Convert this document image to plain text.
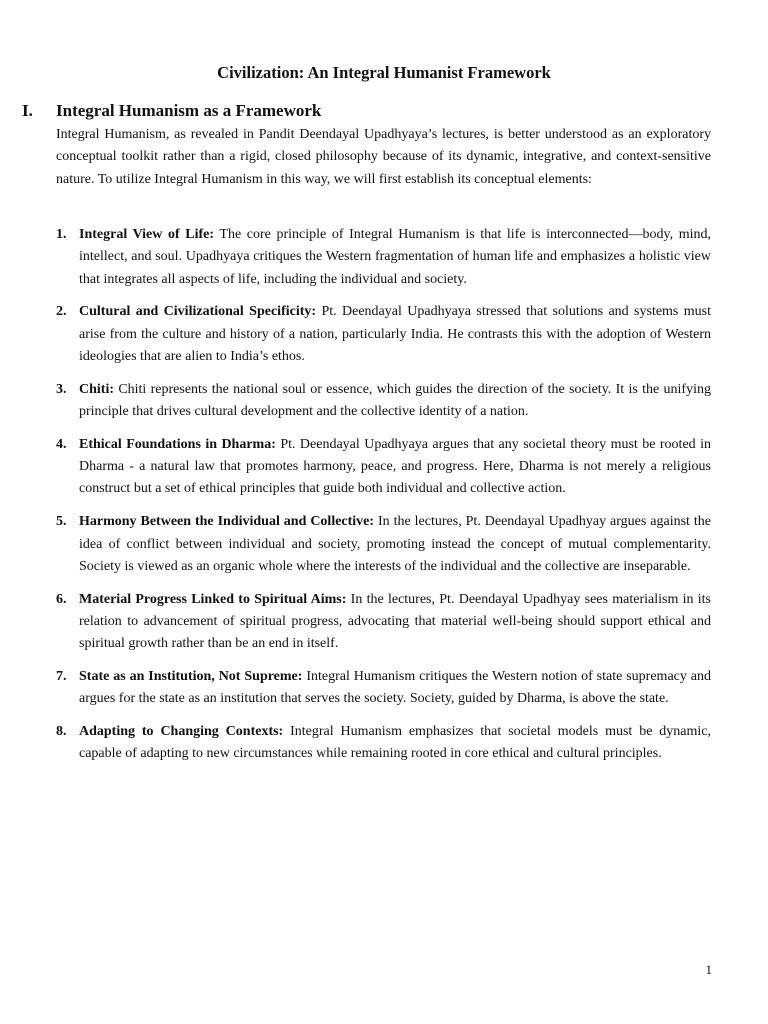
Civilization: An Integral Humanist Framework
I. Integral Humanism as a Framework

Integral Humanism, as revealed in Pandit Deendayal Upadhyaya’s lectures, is better understood as an exploratory conceptual toolkit rather than a rigid, closed philosophy because of its dynamic, integrative, and context-sensitive nature. To utilize Integral Humanism in this way, we will first establish its conceptual elements:

1. Integral View of Life: The core principle of Integral Humanism is that life is interconnected—body, mind, intellect, and soul. Upadhyaya critiques the Western fragmentation of human life and emphasizes a holistic view that integrates all aspects of life, including the individual and society.
2. Cultural and Civilizational Specificity: Pt. Deendayal Upadhyaya stressed that solutions and systems must arise from the culture and history of a nation, particularly India. He contrasts this with the adoption of Western ideologies that are alien to India’s ethos.
3. Chiti: Chiti represents the national soul or essence, which guides the direction of the society. It is the unifying principle that drives cultural development and the collective identity of a nation.
4. Ethical Foundations in Dharma: Pt. Deendayal Upadhyaya argues that any societal theory must be rooted in Dharma - a natural law that promotes harmony, peace, and progress. Here, Dharma is not merely a religious construct but a set of ethical principles that guide both individual and collective action.
5. Harmony Between the Individual and Collective: In the lectures, Pt. Deendayal Upadhyay argues against the idea of conflict between individual and society, promoting instead the concept of mutual complementarity. Society is viewed as an organic whole where the interests of the individual and the collective are inseparable.
6. Material Progress Linked to Spiritual Aims: In the lectures, Pt. Deendayal Upadhyay sees materialism in its relation to advancement of spiritual progress, advocating that material well-being should support ethical and spiritual growth rather than be an end in itself.
7. State as an Institution, Not Supreme: Integral Humanism critiques the Western notion of state supremacy and argues for the state as an institution that serves the society. Society, guided by Dharma, is above the state.
8. Adapting to Changing Contexts: Integral Humanism emphasizes that societal models must be dynamic, capable of adapting to new circumstances while remaining rooted in core ethical and cultural principles.
1
